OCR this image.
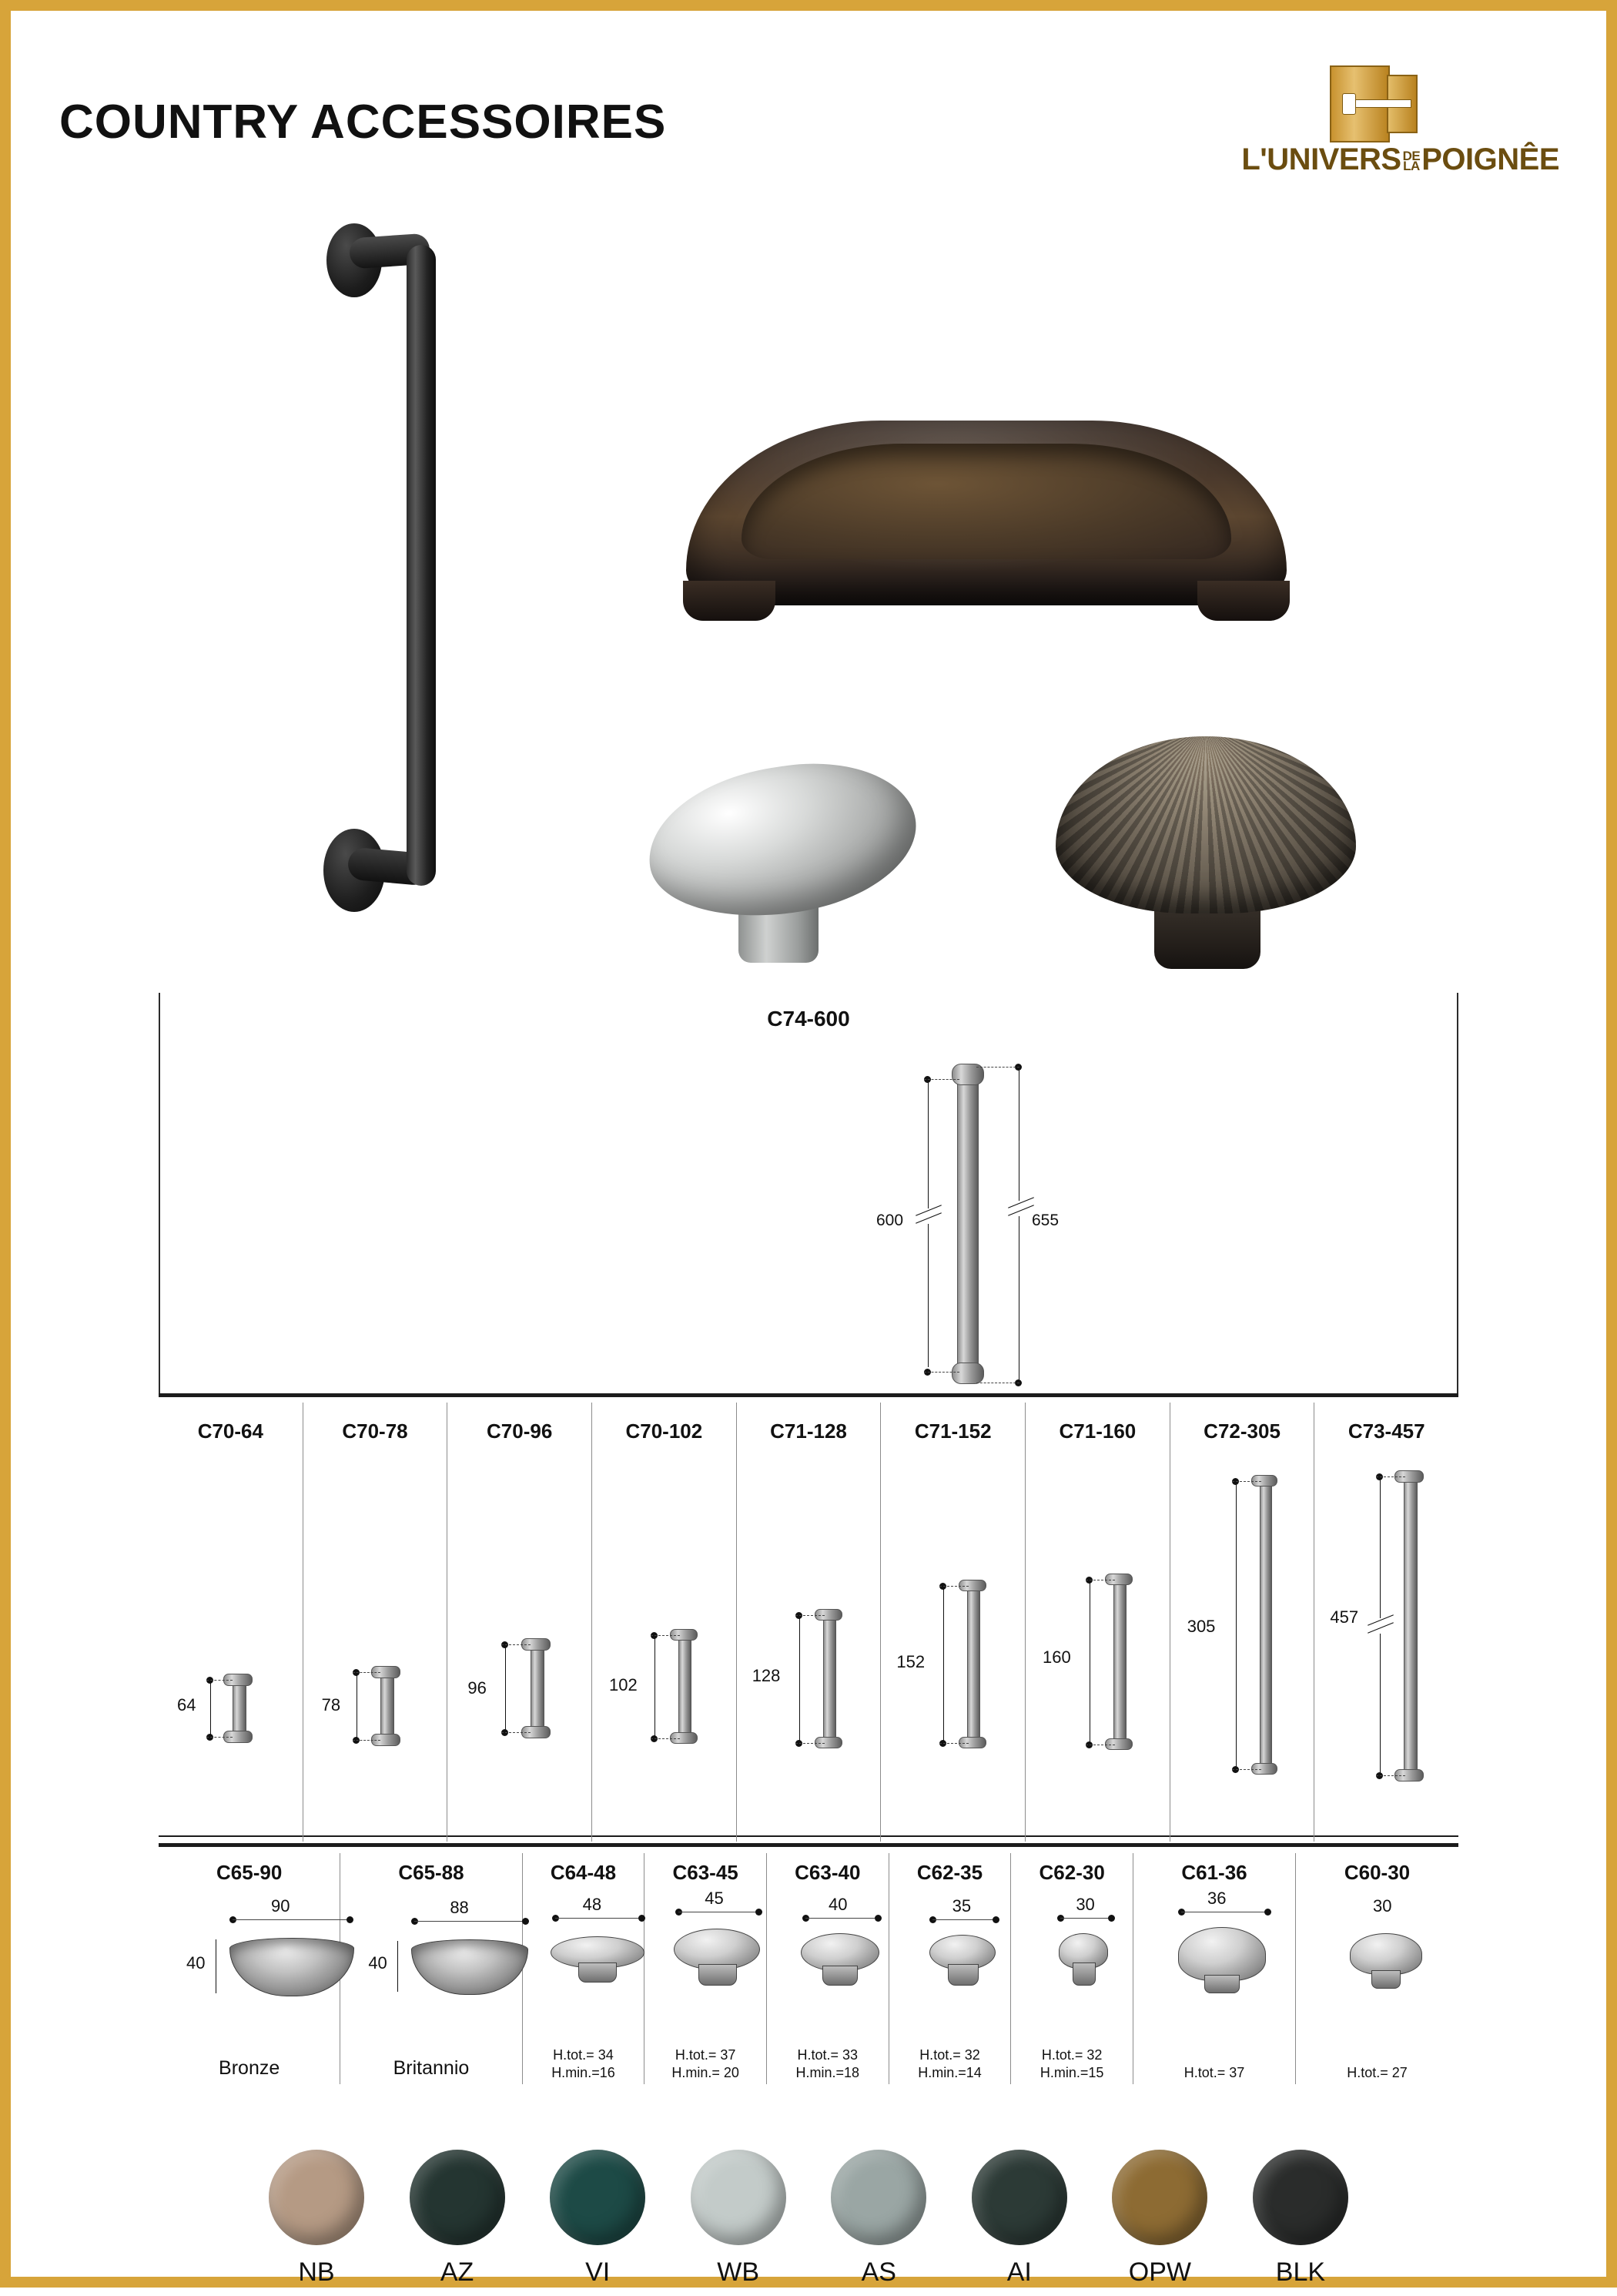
COUNTRY ACCESSOIRES
L'UNIVERS DE
LAPOIGNÊE
C74-600
600	655
C70-64
64
C70-78
78
C70-96
96
C70-102
102
C71-128
128
C71-152
152
C71-160
160
C72-305
305
C73-457
457
C65-90
90
40
Bronze
C65-88
88
40
Britannio
C64-48
48
H.tot.= 34
H.min.=16
C63-45
45
H.tot.= 37
H.min.= 20
C63-40
40
H.tot.= 33
H.min.=18
C62-35
35
H.tot.= 32
H.min.=14
C62-30
30
H.tot.= 32
H.min.=15
C61-36
36
H.tot.= 37
C60-30
30
H.tot.= 27
NB	AZ	VI	WB	AS	AI	OPW	BLK
